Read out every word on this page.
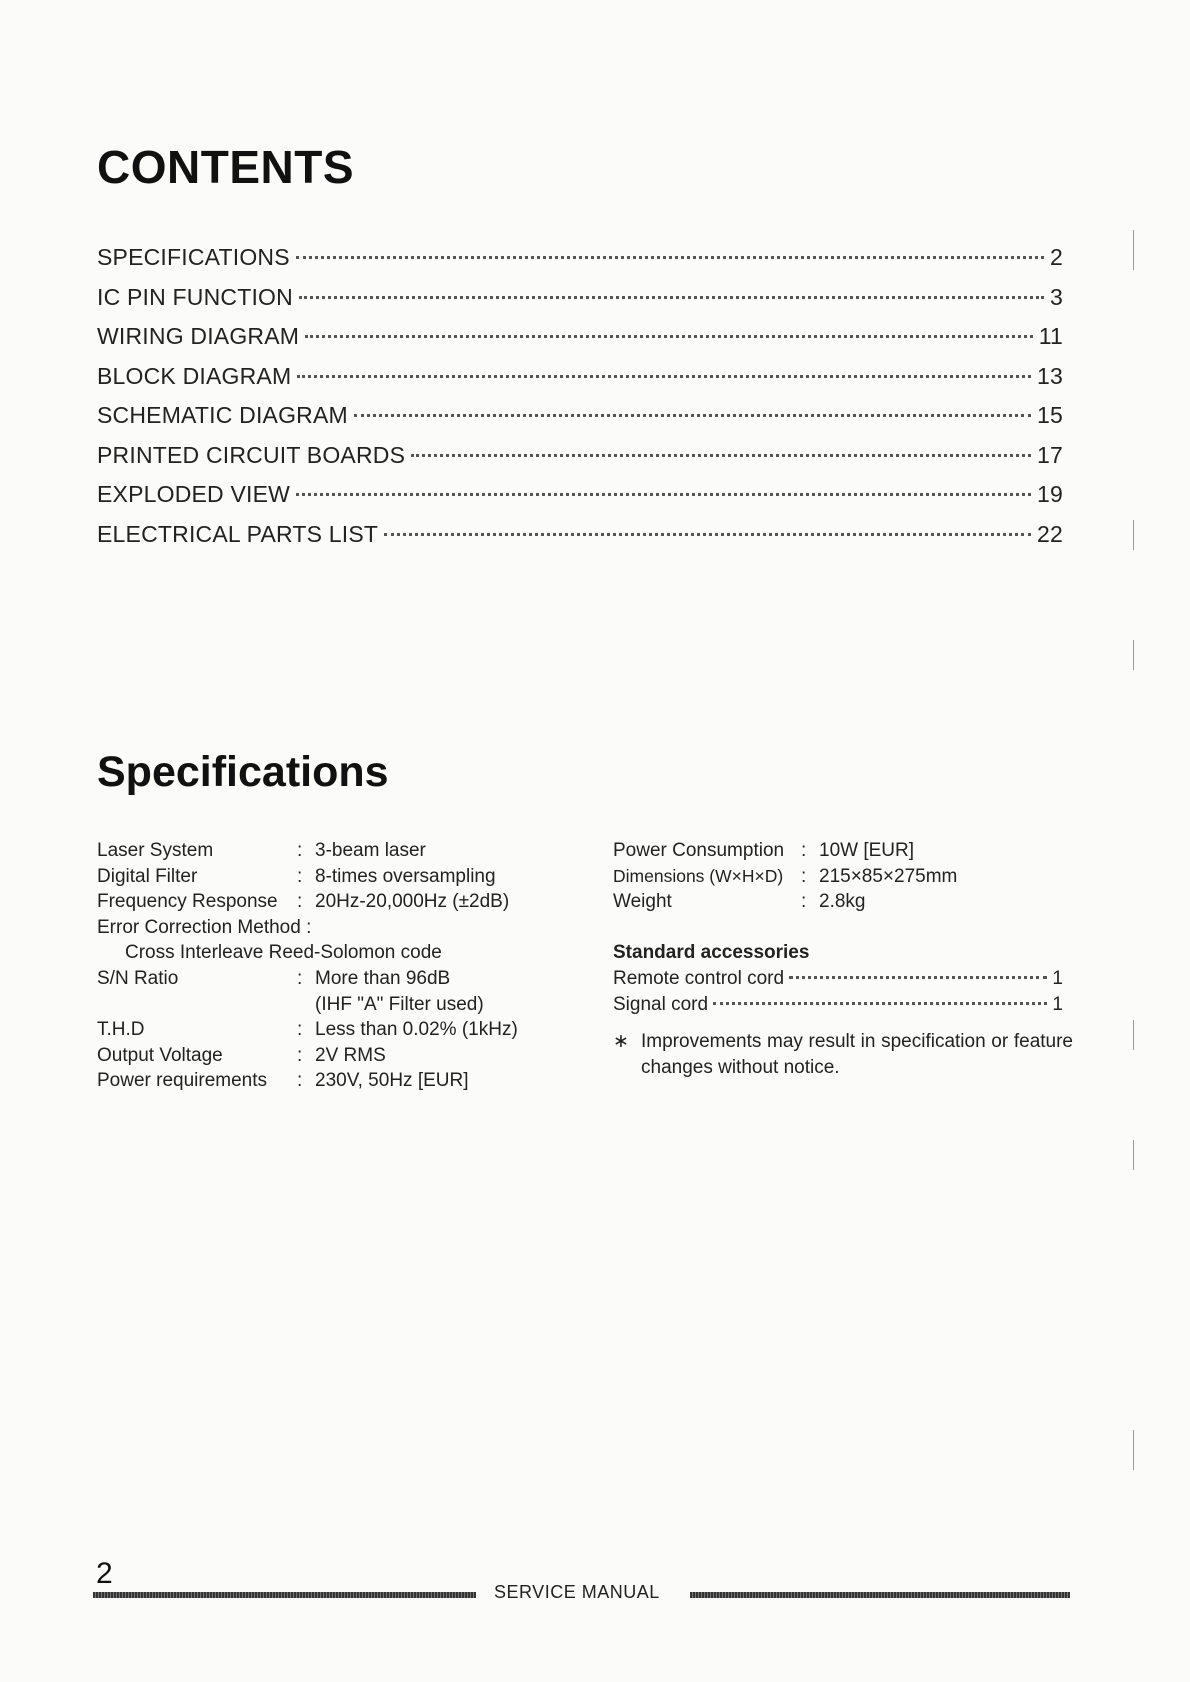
CONTENTS
SPECIFICATIONS	2
IC PIN FUNCTION	3
WIRING DIAGRAM	11
BLOCK DIAGRAM	13
SCHEMATIC DIAGRAM	15
PRINTED CIRCUIT BOARDS	17
EXPLODED VIEW	19
ELECTRICAL PARTS LIST	22
Specifications
Laser System	: 3-beam laser
Digital Filter	: 8-times oversampling
Frequency Response	: 20Hz-20,000Hz (±2dB)
Error Correction Method :
Cross Interleave Reed-Solomon code
S/N Ratio	: More than 96dB
(IHF "A" Filter used)
T.H.D	: Less than 0.02% (1kHz)
Output Voltage	: 2V RMS
Power requirements	: 230V, 50Hz [EUR]
Power Consumption : 10W [EUR]
Dimensions (W×H×D) : 215×85×275mm
Weight	: 2.8kg
Standard accessories
Remote control cord	1
Signal cord	1
∗ Improvements may result in specification or feature changes without notice.
2
SERVICE MANUAL
